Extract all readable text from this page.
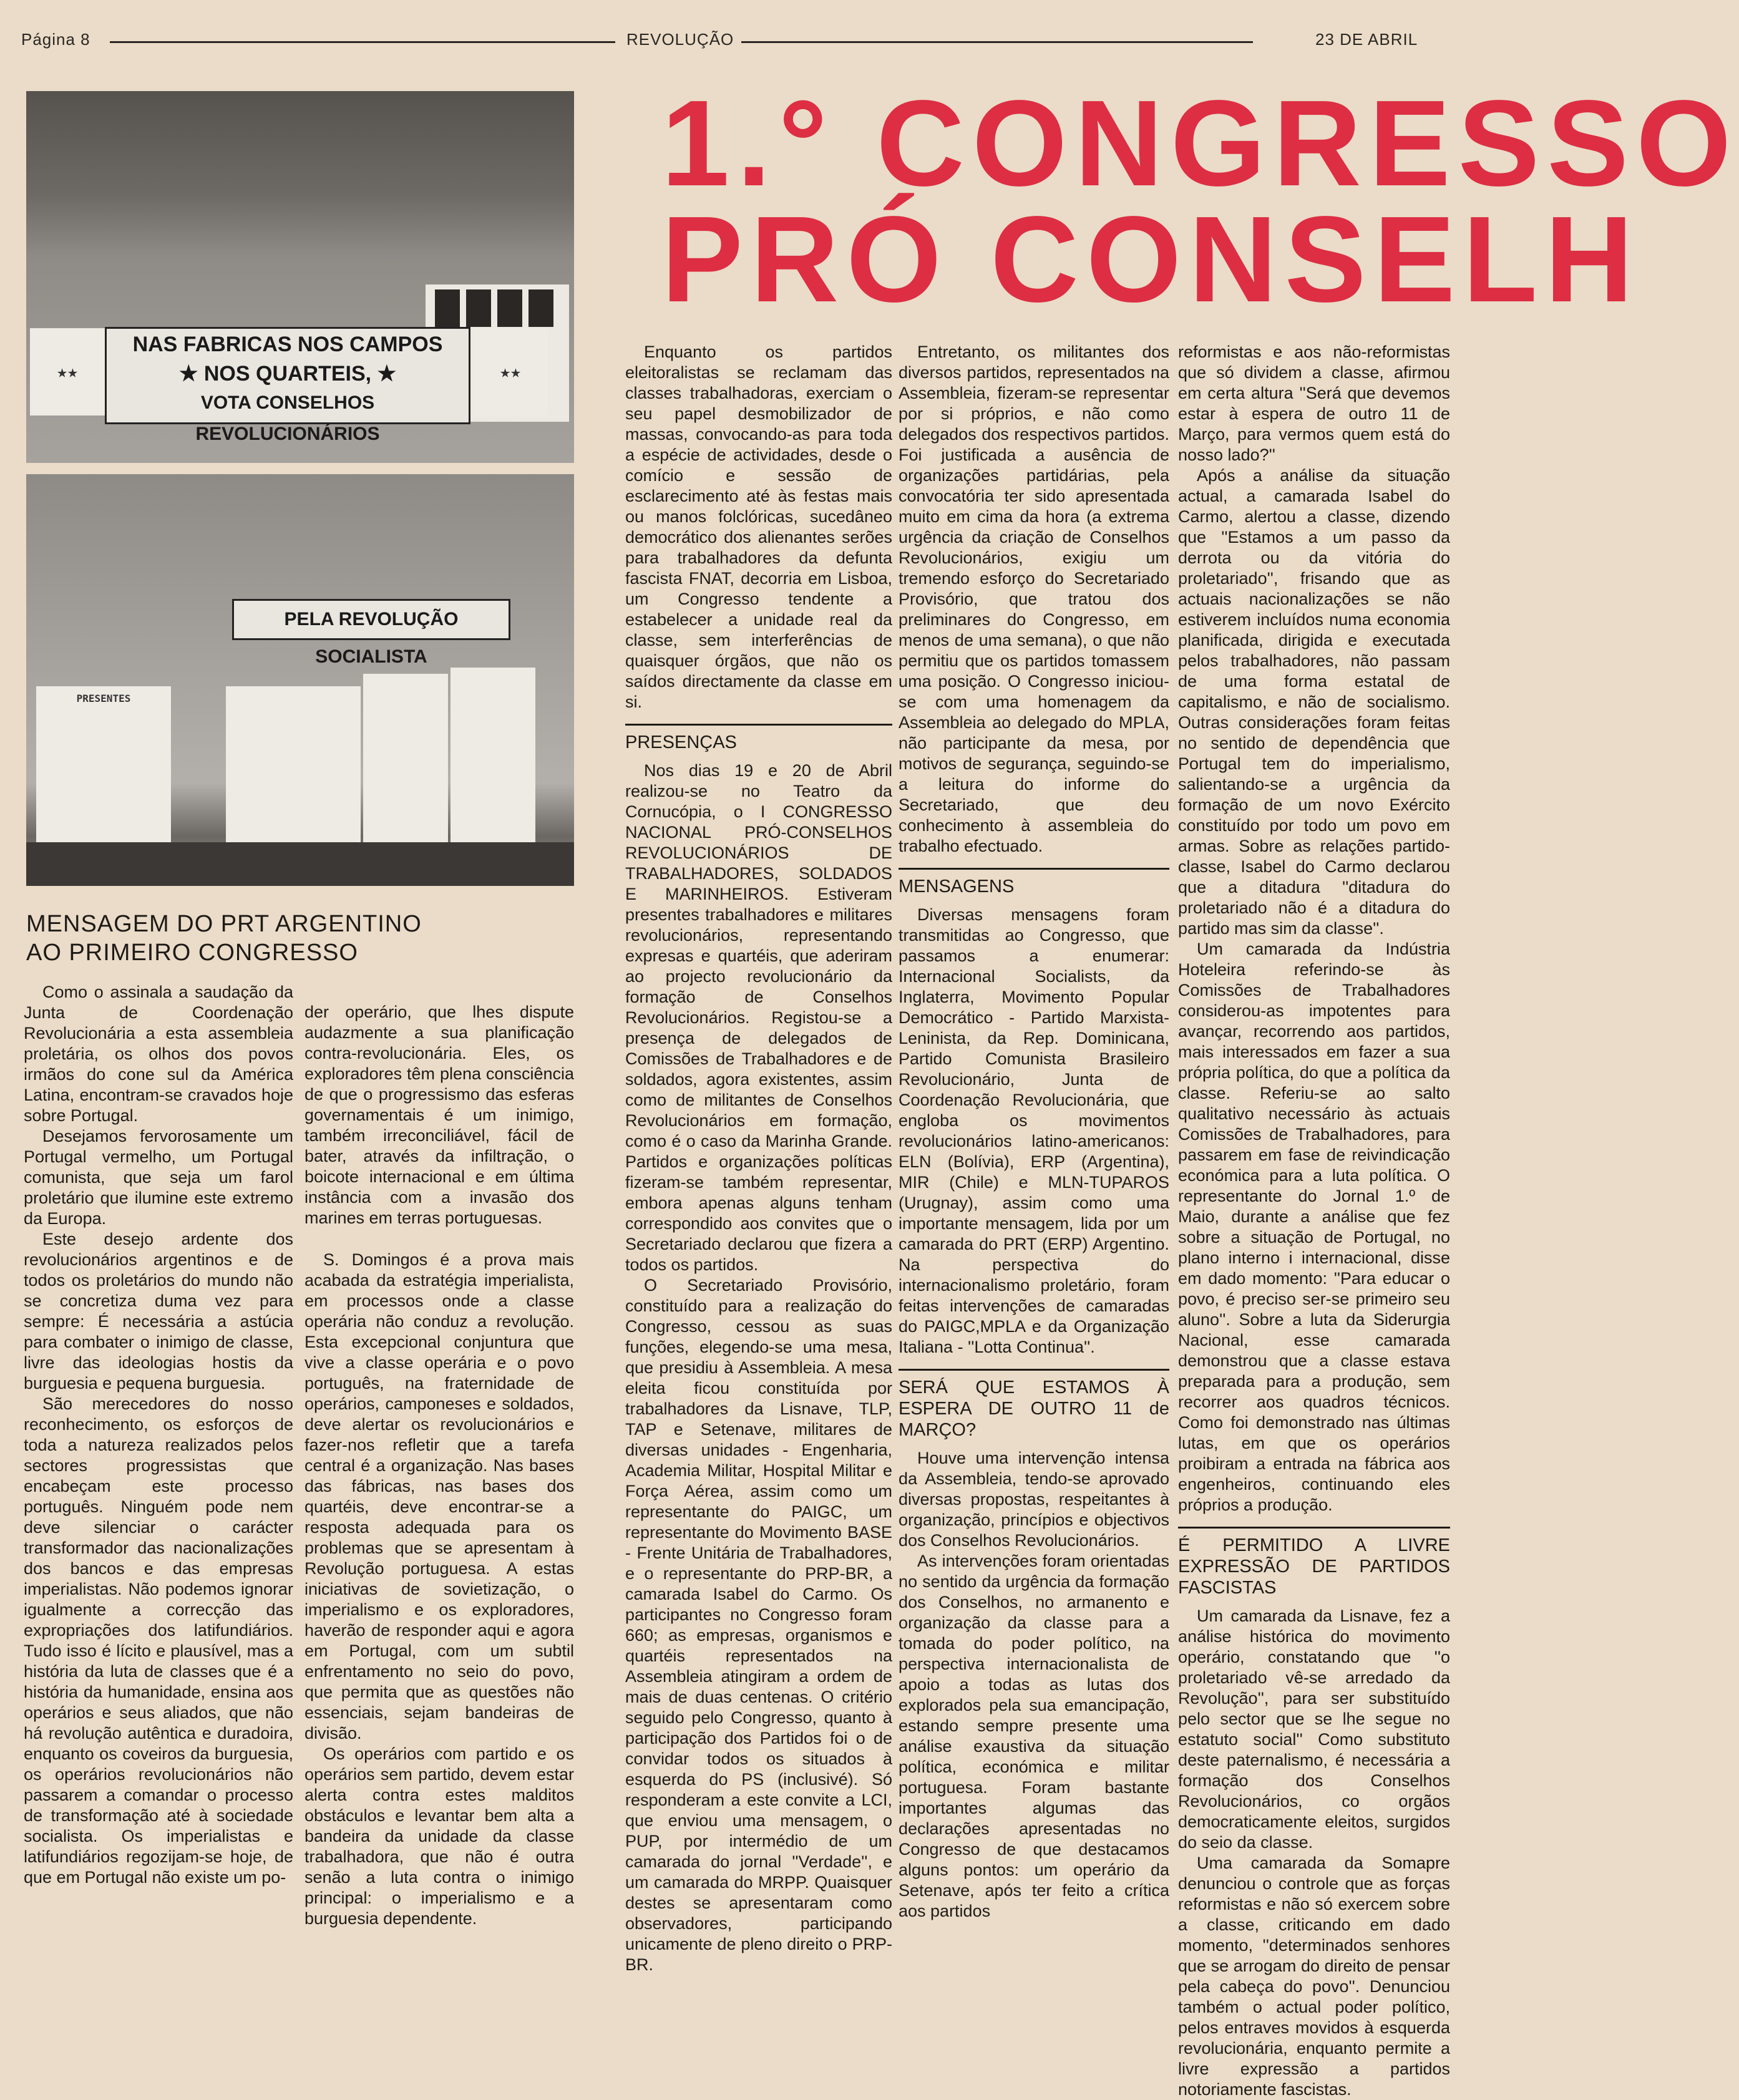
Página 8	REVOLUÇÃO	23 DE ABRIL
1.° CONGRESSO
PRÓ CONSELH
★★
NAS FABRICAS NOS CAMPOS
★ NOS QUARTEIS, ★
VOTA CONSELHOS REVOLUCIONÁRIOS
★★
PELA REVOLUÇÃO SOCIALISTA
PRESENTES
MENSAGEM DO PRT ARGENTINO AO PRIMEIRO CONGRESSO

Como o assinala a saudação da Junta de Coordenação Revolucionária a esta assembleia proletária, os olhos dos povos irmãos do cone sul da América Latina, encontram-se cravados hoje sobre Portugal.

Desejamos fervorosamente um Portugal vermelho, um Portugal comunista, que seja um farol proletário que ilumine este extremo da Europa.

Este desejo ardente dos revolucionários argentinos e de todos os proletários do mundo não se concretiza duma vez para sempre: É necessária a astúcia para combater o inimigo de classe, livre das ideologias hostis da burguesia e pequena burguesia.

São merecedores do nosso reconhecimento, os esforços de toda a natureza realizados pelos sectores progressistas que encabeçam este processo português. Ninguém pode nem deve silenciar o carácter transformador das nacionalizações dos bancos e das empresas imperialistas. Não podemos ignorar igualmente a correcção das expropriações dos latifundiários. Tudo isso é lícito e plausível, mas a história da luta de classes que é a história da humanidade, ensina aos operários e seus aliados, que não há revolução autêntica e duradoira, enquanto os coveiros da burguesia, os operários revolucionários não passarem a comandar o processo de transformação até à sociedade socialista. Os imperialistas e latifundiários regozijam-se hoje, de que em Portugal não existe um po-

der operário, que lhes dispute audazmente a sua planificação contra-revolucionária. Eles, os exploradores têm plena consciência de que o progressismo das esferas governamentais é um inimigo, também irreconciliável, fácil de bater, através da infiltração, o boicote internacional e em última instância com a invasão dos marines em terras portuguesas.

S. Domingos é a prova mais acabada da estratégia imperialista, em processos onde a classe operária não conduz a revolução. Esta excepcional conjuntura que vive a classe operária e o povo português, na fraternidade de operários, camponeses e soldados, deve alertar os revolucionários e fazer-nos refletir que a tarefa central é a organização. Nas bases das fábricas, nas bases dos quartéis, deve encontrar-se a resposta adequada para os problemas que se apresentam à Revolução portuguesa. A estas iniciativas de sovietização, o imperialismo e os exploradores, haverão de responder aqui e agora em Portugal, com um subtil enfrentamento no seio do povo, que permita que as questões não essenciais, sejam bandeiras de divisão.

Os operários com partido e os operários sem partido, devem estar alerta contra estes malditos obstáculos e levantar bem alta a bandeira da unidade da classe trabalhadora, que não é outra senão a luta contra o inimigo principal: o imperialismo e a burguesia dependente.

Enquanto os partidos eleitoralistas se reclamam das classes trabalhadoras, exerciam o seu papel desmobilizador de massas, convocando-as para toda a espécie de actividades, desde o comício e sessão de esclarecimento até às festas mais ou manos folclóricas, sucedâneo democrático dos alienantes serões para trabalhadores da defunta fascista FNAT, decorria em Lisboa, um Congresso tendente a estabelecer a unidade real da classe, sem interferências de quaisquer órgãos, que não os saídos directamente da classe em si.

PRESENÇAS

Nos dias 19 e 20 de Abril realizou-se no Teatro da Cornucópia, o I CONGRESSO NACIONAL PRÓ-CONSELHOS REVOLUCIONÁRIOS DE TRABALHADORES, SOLDADOS E MARINHEIROS. Estiveram presentes trabalhadores e militares revolucionários, representando expresas e quartéis, que aderiram ao projecto revolucionário da formação de Conselhos Revolucionários. Registou-se a presença de delegados de Comissões de Trabalhadores e de soldados, agora existentes, assim como de militantes de Conselhos Revolucionários em formação, como é o caso da Marinha Grande. Partidos e organizações políticas fizeram-se também representar, embora apenas alguns tenham correspondido aos convites que o Secretariado declarou que fizera a todos os partidos.

O Secretariado Provisório, constituído para a realização do Congresso, cessou as suas funções, elegendo-se uma mesa, que presidiu à Assembleia. A mesa eleita ficou constituída por trabalhadores da Lisnave, TLP, TAP e Setenave, militares de diversas unidades - Engenharia, Academia Militar, Hospital Militar e Força Aérea, assim como um representante do PAIGC, um representante do Movimento BASE - Frente Unitária de Trabalhadores, e o representante do PRP-BR, a camarada Isabel do Carmo. Os participantes no Congresso foram 660; as empresas, organismos e quartéis representados na Assembleia atingiram a ordem de mais de duas centenas. O critério seguido pelo Congresso, quanto à participação dos Partidos foi o de convidar todos os situados à esquerda do PS (inclusivé). Só responderam a este convite a LCI, que enviou uma mensagem, o PUP, por intermédio de um camarada do jornal ''Verdade'', e um camarada do MRPP. Quaisquer destes se apresentaram como observadores, participando unicamente de pleno direito o PRP-BR.

Entretanto, os militantes dos diversos partidos, representados na Assembleia, fizeram-se representar por si próprios, e não como delegados dos respectivos partidos. Foi justificada a ausência de organizações partidárias, pela convocatória ter sido apresentada muito em cima da hora (a extrema urgência da criação de Conselhos Revolucionários, exigiu um tremendo esforço do Secretariado Provisório, que tratou dos preliminares do Congresso, em menos de uma semana), o que não permitiu que os partidos tomassem uma posição. O Congresso iniciou-se com uma homenagem da Assembleia ao delegado do MPLA, não participante da mesa, por motivos de segurança, seguindo-se a leitura do informe do Secretariado, que deu conhecimento à assembleia do trabalho efectuado.

MENSAGENS

Diversas mensagens foram transmitidas ao Congresso, que passamos a enumerar: Internacional Socialists, da Inglaterra, Movimento Popular Democrático - Partido Marxista-Leninista, da Rep. Dominicana, Partido Comunista Brasileiro Revolucionário, Junta de Coordenação Revolucionária, que engloba os movimentos revolucionários latino-americanos: ELN (Bolívia), ERP (Argentina), MIR (Chile) e MLN-TUPAROS (Urugnay), assim como uma importante mensagem, lida por um camarada do PRT (ERP) Argentino. Na perspectiva do internacionalismo proletário, foram feitas intervenções de camaradas do PAIGC,MPLA e da Organização Italiana - ''Lotta Continua''.

SERÁ QUE ESTAMOS À ESPERA DE OUTRO 11 de MARÇO?

Houve uma intervenção intensa da Assembleia, tendo-se aprovado diversas propostas, respeitantes à organização, princípios e objectivos dos Conselhos Revolucionários.

As intervenções foram orientadas no sentido da urgência da formação dos Conselhos, no armanento e organização da classe para a tomada do poder político, na perspectiva internacionalista de apoio a todas as lutas dos explorados pela sua emancipação, estando sempre presente uma análise exaustiva da situação política, económica e militar portuguesa. Foram bastante importantes algumas das declarações apresentadas no Congresso de que destacamos alguns pontos: um operário da Setenave, após ter feito a crítica aos partidos

reformistas e aos não-reformistas que só dividem a classe, afirmou em certa altura ''Será que devemos estar à espera de outro 11 de Março, para vermos quem está do nosso lado?''

Após a análise da situação actual, a camarada Isabel do Carmo, alertou a classe, dizendo que ''Estamos a um passo da derrota ou da vitória do proletariado'', frisando que as actuais nacionalizações se não estiverem incluídos numa economia planificada, dirigida e executada pelos trabalhadores, não passam de uma forma estatal de capitalismo, e não de socialismo. Outras considerações foram feitas no sentido de dependência que Portugal tem do imperialismo, salientando-se a urgência da formação de um novo Exército constituído por todo um povo em armas. Sobre as relações partido-classe, Isabel do Carmo declarou que a ditadura ''ditadura do proletariado não é a ditadura do partido mas sim da classe''.

Um camarada da Indústria Hoteleira referindo-se às Comissões de Trabalhadores considerou-as impotentes para avançar, recorrendo aos partidos, mais interessados em fazer a sua própria política, do que a política da classe. Referiu-se ao salto qualitativo necessário às actuais Comissões de Trabalhadores, para passarem em fase de reivindicação económica para a luta política. O representante do Jornal 1.º de Maio, durante a análise que fez sobre a situação de Portugal, no plano interno i internacional, disse em dado momento: ''Para educar o povo, é preciso ser-se primeiro seu aluno''. Sobre a luta da Siderurgia Nacional, esse camarada demonstrou que a classe estava preparada para a produção, sem recorrer aos quadros técnicos. Como foi demonstrado nas últimas lutas, em que os operários proibiram a entrada na fábrica aos engenheiros, continuando eles próprios a produção.

É PERMITIDO A LIVRE EXPRESSÃO DE PARTIDOS FASCISTAS

Um camarada da Lisnave, fez a análise histórica do movimento operário, constatando que ''o proletariado vê-se arredado da Revolução'', para ser substituído pelo sector que se lhe segue no estatuto social'' Como substituto deste paternalismo, é necessária a formação dos Conselhos Revolucionários, co orgãos democraticamente eleitos, surgidos do seio da classe.

Uma camarada da Somapre denunciou o controle que as forças reformistas e não só exercem sobre a classe, criticando em dado momento, ''determinados senhores que se arrogam do direito de pensar pela cabeça do povo''. Denunciou também o actual poder político, pelos entraves movidos à esquerda revolucionária, enquanto permite a livre expressão a partidos notoriamente fascistas.
